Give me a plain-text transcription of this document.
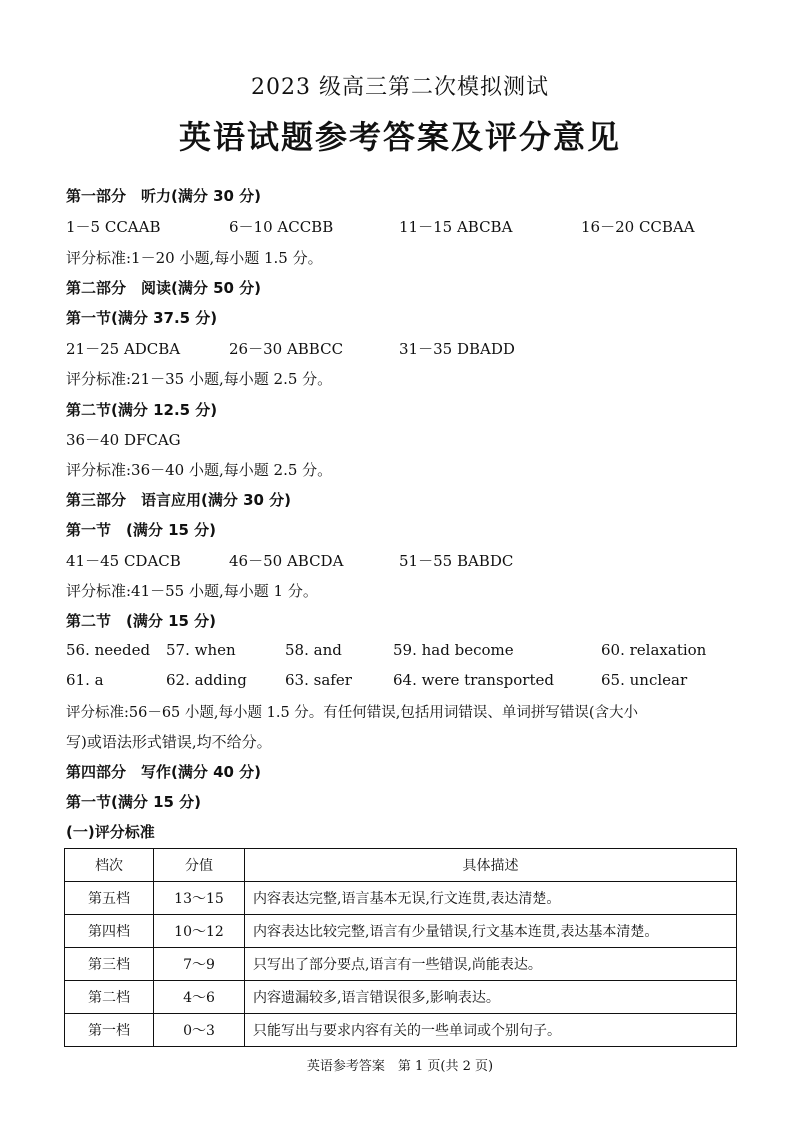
2023 级高三第二次模拟测试
英语试题参考答案及评分意见
第一部分　听力(满分 30 分)
1－5 CCAAB	6－10 ACCBB	11－15 ABCBA	16－20 CCBAA
评分标准:1－20 小题,每小题 1.5 分。
第二部分　阅读(满分 50 分)
第一节(满分 37.5 分)
21－25 ADCBA	26－30 ABBCC	31－35 DBADD
评分标准:21－35 小题,每小题 2.5 分。
第二节(满分 12.5 分)
36－40 DFCAG
评分标准:36－40 小题,每小题 2.5 分。
第三部分　语言应用(满分 30 分)
第一节　(满分 15 分)
41－45 CDACB	46－50 ABCDA	51－55 BABDC
评分标准:41－55 小题,每小题 1 分。
第二节　(满分 15 分)
56. needed 57. when	58. and	59. had become	60. relaxation
61. a	62. adding	63. safer	64. were transported	65. unclear
评分标准:56－65 小题,每小题 1.5 分。有任何错误,包括用词错误、单词拼写错误(含大小
写)或语法形式错误,均不给分。
第四部分　写作(满分 40 分)
第一节(满分 15 分)
(一)评分标准
档次	分值	具体描述
第五档	13～15	内容表达完整,语言基本无误,行文连贯,表达清楚。
第四档	10～12	内容表达比较完整,语言有少量错误,行文基本连贯,表达基本清楚。
第三档	7～9	只写出了部分要点,语言有一些错误,尚能表达。
第二档	4～6	内容遗漏较多,语言错误很多,影响表达。
第一档	0～3	只能写出与要求内容有关的一些单词或个别句子。
英语参考答案　第 1 页(共 2 页)
